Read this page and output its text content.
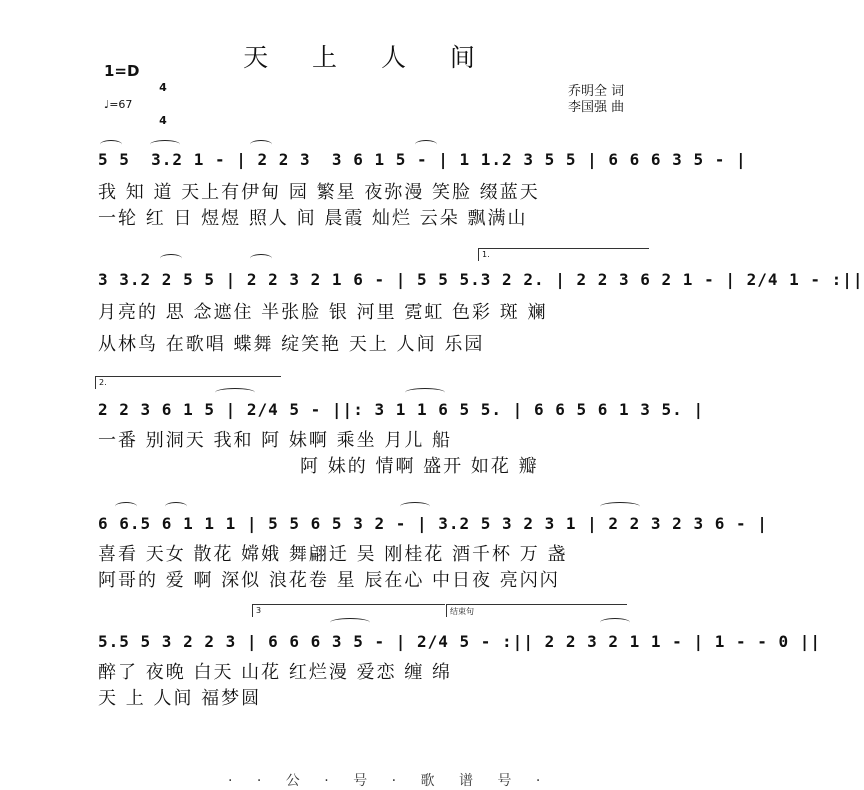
天 上 人 间
1=D

4

4

♩=67
乔明全 词
李国强 曲
5 5  3.2 1 - | 2 2 3  3 6 1 5 - | 1 1.2 3 5 5 | 6 6 6 3 5 - |
我 知 道 天上有伊甸 园 繁星 夜弥漫 笑脸 缀蓝天
一轮 红 日 煜煜 照人 间 晨霞 灿烂 云朵 飘满山
1.
3 3.2 2 5 5 | 2 2 3 2 1 6 - | 5 5 5.3 2 2. | 2 2 3 6 2 1 - | 2/4 1 - :||
月亮的 思 念遮住 半张脸 银 河里 霓虹 色彩 斑 斓
从林鸟 在歌唱 蝶舞 绽笑艳 天上 人间 乐园
2.
2 2 3 6 1 5 | 2/4 5 - ||: 3 1 1 6 5 5. | 6 6 5 6 1 3 5. |
一番 别洞天 我和 阿 妹啊 乘坐 月儿 船
阿 妹的 情啊 盛开 如花 瓣
6 6.5 6 1 1 1 | 5 5 6 5 3 2 - | 3.2 5 3 2 3 1 | 2 2 3 2 3 6 - |
喜看 天女 散花 嫦娥 舞翩迁 吴 刚桂花 酒千杯 万 盏
阿哥的 爱 啊 深似 浪花卷 星 辰在心 中日夜 亮闪闪
3	结束句
5.5 5 3 2 2 3 | 6 6 6 3 5 - | 2/4 5 - :|| 2 2 3 2 1 1 - | 1 - - 0 ||
醉了 夜晚 白天 山花 红烂漫 爱恋 缠 绵
天 上 人间 福梦圆
· · 公 · 号 · 歌 谱 号 ·
